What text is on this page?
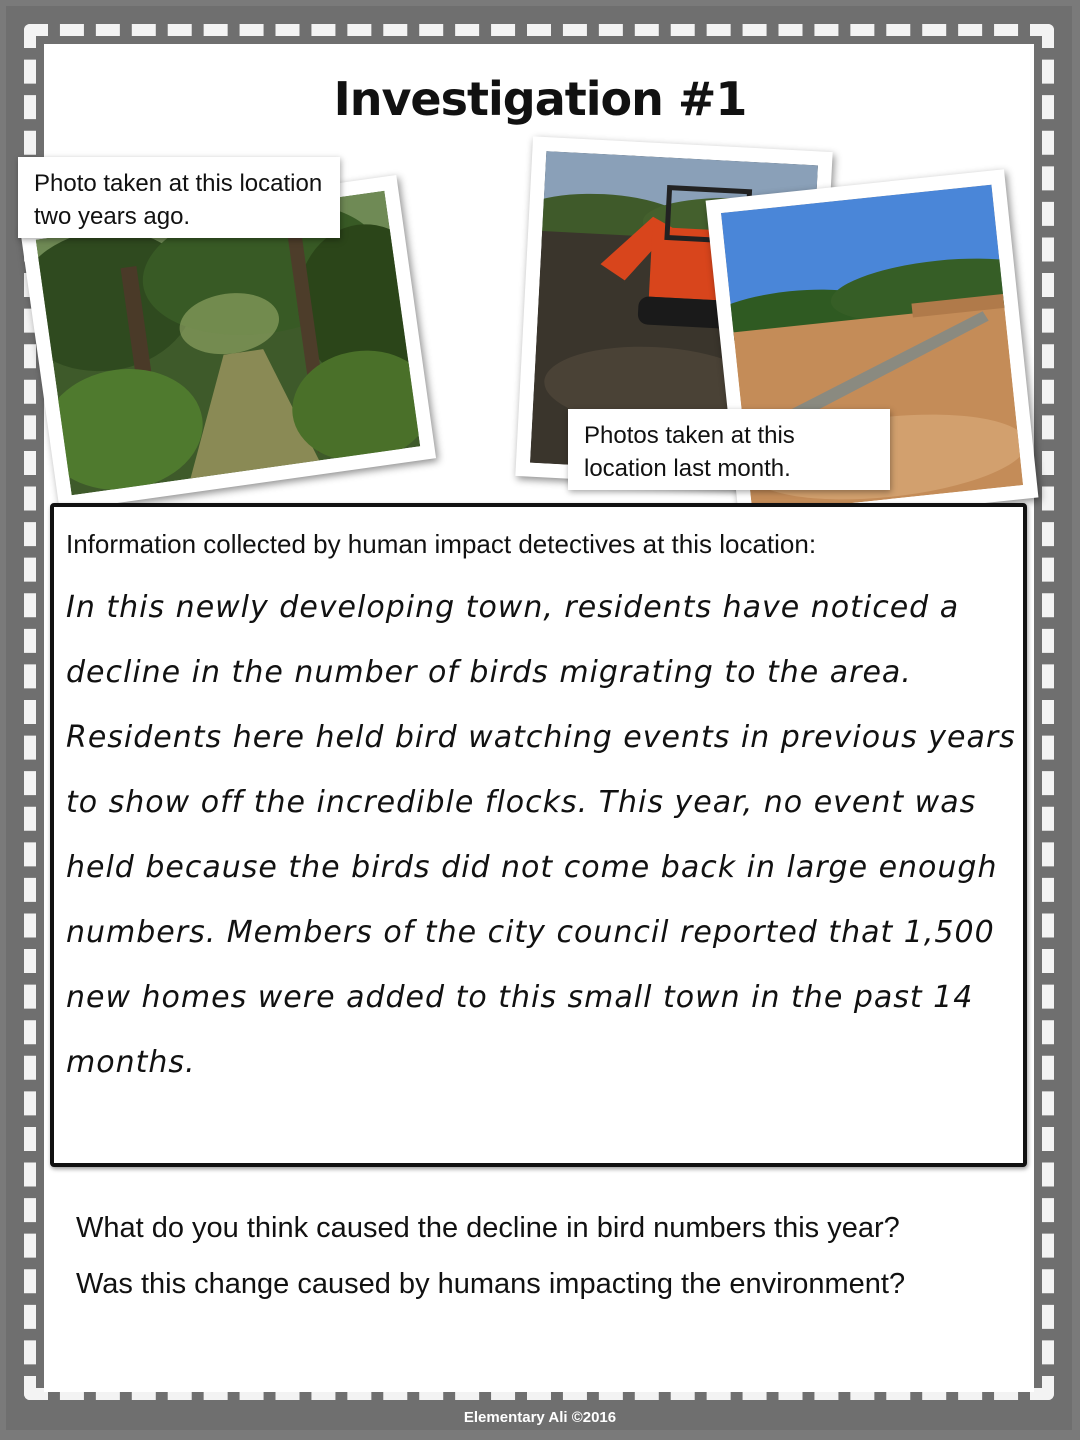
Investigation #1
Photo taken at this location two years ago.
Photos taken at this location last month.
Information collected by human impact detectives at this location:
In this newly developing town, residents have noticed a decline in the number of birds migrating to the area. Residents here held bird watching events in previous years to show off the incredible flocks. This year, no event was held because the birds did not come back in large enough numbers. Members of the city council reported that 1,500 new homes were added to this small town in the past 14 months.
What do you think caused the decline in bird numbers this year?
Was this change caused by humans impacting the environment?
Elementary Ali ©2016
